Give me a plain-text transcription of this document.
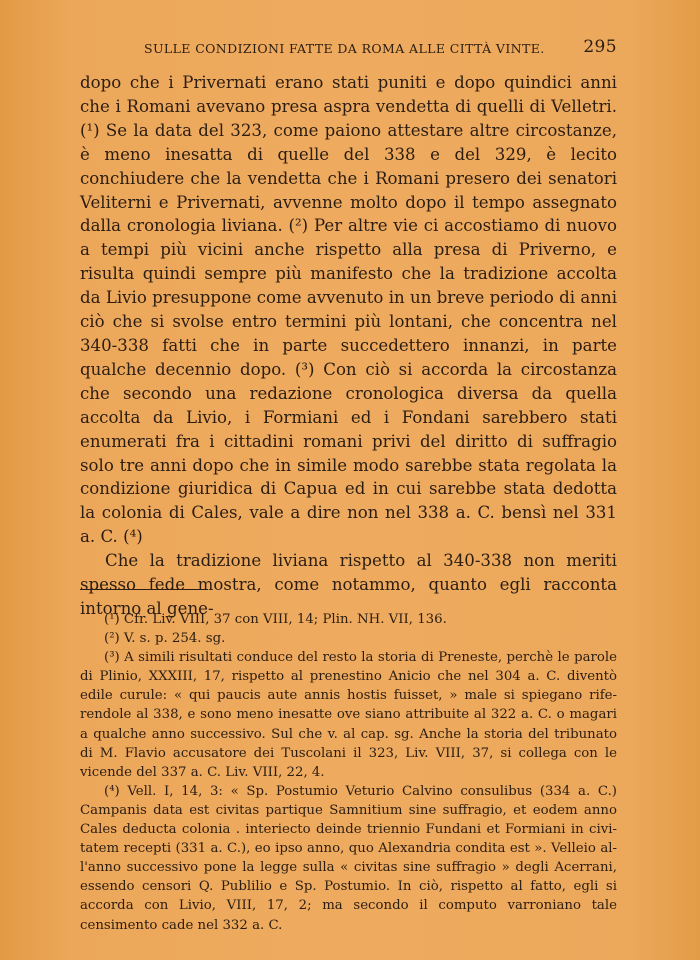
SULLE CONDIZIONI FATTE DA ROMA ALLE CITTÀ VINTE. 295

dopo che i Privernati erano stati puniti e dopo quindici anni che i Romani avevano presa aspra vendetta di quelli di Velletri. (¹) Se la data del 323, come paiono attestare altre circostanze, è meno inesatta di quelle del 338 e del 329, è lecito conchiudere che la vendetta che i Romani presero dei senatori Veliterni e Privernati, avvenne molto dopo il tempo assegnato dalla cronologia liviana. (²) Per altre vie ci accostiamo di nuovo a tempi più vicini anche rispetto alla presa di Priverno, e risulta quindi sempre più manifesto che la tradizione accolta da Livio presuppone come avvenuto in un breve periodo di anni ciò che si svolse entro termini più lontani, che concentra nel 340-338 fatti che in parte succedettero innanzi, in parte qualche decennio dopo. (³) Con ciò si accorda la circostanza che secondo una redazione cronologica diversa da quella accolta da Livio, i Formiani ed i Fondani sarebbero stati enumerati fra i cittadini romani privi del diritto di suffragio solo tre anni dopo che in simile modo sarebbe stata regolata la condizione giuridica di Capua ed in cui sarebbe stata dedotta la colonia di Cales, vale a dire non nel 338 a. C. bensì nel 331 a. C. (⁴)

Che la tradizione liviana rispetto al 340-338 non meriti spesso fede mostra, come notammo, quanto egli racconta intorno al gene-

(¹) Cfr. Liv. VIII, 37 con VIII, 14; Plin. NH. VII, 136.

(²) V. s. p. 254. sg.

(³) A simili risultati conduce del resto la storia di Preneste, perchè le parole di Plinio, XXXIII, 17, rispetto al prenestino Anicio che nel 304 a. C. diventò edile curule: « qui paucis aute annis hostis fuisset, » male si spiegano riferendole al 338, e sono meno inesatte ove siano attribuite al 322 a. C. o magari a qualche anno successivo. Sul che v. al cap. sg. Anche la storia del tribunato di M. Flavio accusatore dei Tuscolani il 323, Liv. VIII, 37, si collega con le vicende del 337 a. C. Liv. VIII, 22, 4.

(⁴) Vell. I, 14, 3: « Sp. Postumio Veturio Calvino consulibus (334 a. C.) Campanis data est civitas partique Samnitium sine suffragio, et eodem anno Cales deducta colonia . interiecto deinde triennio Fundani et Formiani in civitatem recepti (331 a. C.), eo ipso anno, quo Alexandria condita est ». Velleio all'anno successivo pone la legge sulla « civitas sine suffragio » degli Acerrani, essendo censori Q. Publilio e Sp. Postumio. In ciò, rispetto al fatto, egli si accorda con Livio, VIII, 17, 2; ma secondo il computo varroniano tale censimento cade nel 332 a. C.
